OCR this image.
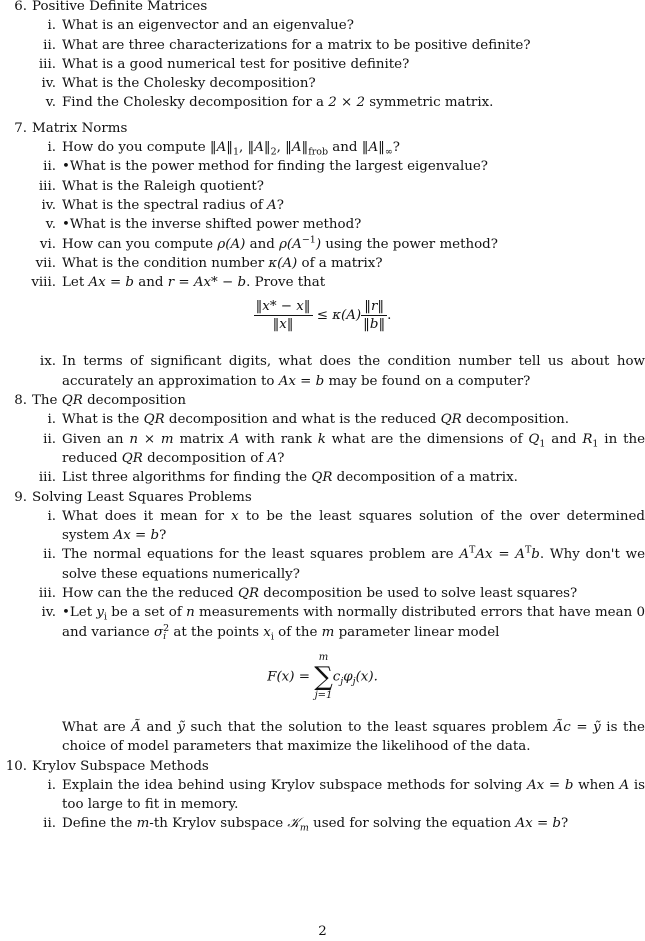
6. Positive Definite Matrices
i. What is an eigenvector and an eigenvalue?
ii. What are three characterizations for a matrix to be positive definite?
iii. What is a good numerical test for positive definite?
iv. What is the Cholesky decomposition?
v. Find the Cholesky decomposition for a 2 × 2 symmetric matrix.
7. Matrix Norms
i. How do you compute $‖A‖_1$, $‖A‖_2$, $‖A‖_{frob}$ and $‖A‖_\infty$?
ii. •What is the power method for finding the largest eigenvalue?
iii. What is the Raleigh quotient?
iv. What is the spectral radius of A?
v. •What is the inverse shifted power method?
vi. How can you compute ρ(A) and $\rho(A^{-1})$ using the power method?
vii. What is the condition number κ(A) of a matrix?
viii. Let Ax = b and r = Ax* − b. Prove that
$\frac{‖x* - x‖}{‖x‖} \le \kappa(A) \frac{‖r‖}{‖b‖}$ .
ix. In terms of significant digits, what does the condition number tell us about how accurately an approximation to Ax = b may be found on a computer?
8. The QR decomposition
i. What is the QR decomposition and what is the reduced QR decomposition.
ii. Given an n × m matrix A with rank k what are the dimensions of $Q_1$ and $R_1$ in the reduced QR decomposition of A?
iii. List three algorithms for finding the QR decomposition of a matrix.
9. Solving Least Squares Problems
i. What does it mean for x to be the least squares solution of the over determined system Ax = b?
ii. The normal equations for the least squares problem are $A^TAx = A^Tb$. Why don't we solve these equations numerically?
iii. How can the the reduced QR decomposition be used to solve least squares?
iv. •Let $y_i$ be a set of n measurements with normally distributed errors that have mean 0 and variance σ 2
i at the points $x_i$ of the m parameter linear model
F(x) =
m
∑
j=1
$c_j\varphi_j(x)$.
What are Ã and ỹ such that the solution to the least squares problem Ãc = ỹ is the choice of model parameters that maximize the likelihood of the data.
10. Krylov Subspace Methods
i. Explain the idea behind using Krylov subspace methods for solving Ax = b when A is too large to fit in memory.
ii. Define the m-th Krylov subspace 𝒦$_m$ used for solving the equation Ax = b?
2
